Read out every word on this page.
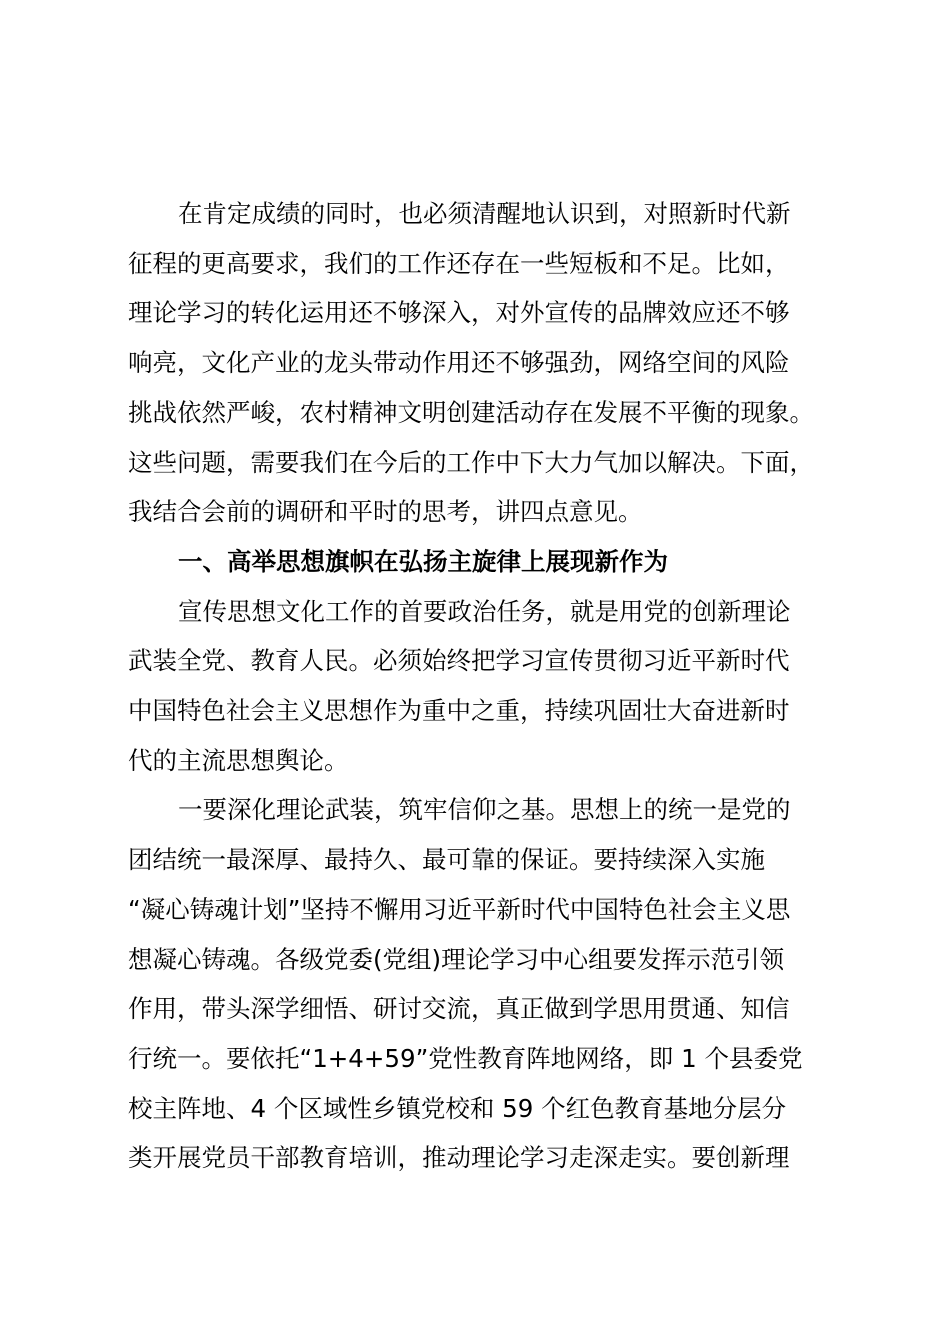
在肯定成绩的同时，也必须清醒地认识到，对照新时代新
征程的更高要求，我们的工作还存在一些短板和不足。比如，
理论学习的转化运用还不够深入，对外宣传的品牌效应还不够
响亮，文化产业的龙头带动作用还不够强劲，网络空间的风险
挑战依然严峻，农村精神文明创建活动存在发展不平衡的现象。
这些问题，需要我们在今后的工作中下大力气加以解决。下面，
我结合会前的调研和平时的思考，讲四点意见。
一、高举思想旗帜在弘扬主旋律上展现新作为
宣传思想文化工作的首要政治任务，就是用党的创新理论
武装全党、教育人民。必须始终把学习宣传贯彻习近平新时代
中国特色社会主义思想作为重中之重，持续巩固壮大奋进新时
代的主流思想舆论。
一要深化理论武装，筑牢信仰之基。思想上的统一是党的
团结统一最深厚、最持久、最可靠的保证。要持续深入实施
“凝心铸魂计划”坚持不懈用习近平新时代中国特色社会主义思
想凝心铸魂。各级党委(党组)理论学习中心组要发挥示范引领
作用，带头深学细悟、研讨交流，真正做到学思用贯通、知信
行统一。要依托“1+4+59”党性教育阵地网络，即 1 个县委党
校主阵地、4 个区域性乡镇党校和 59 个红色教育基地分层分
类开展党员干部教育培训，推动理论学习走深走实。要创新理
